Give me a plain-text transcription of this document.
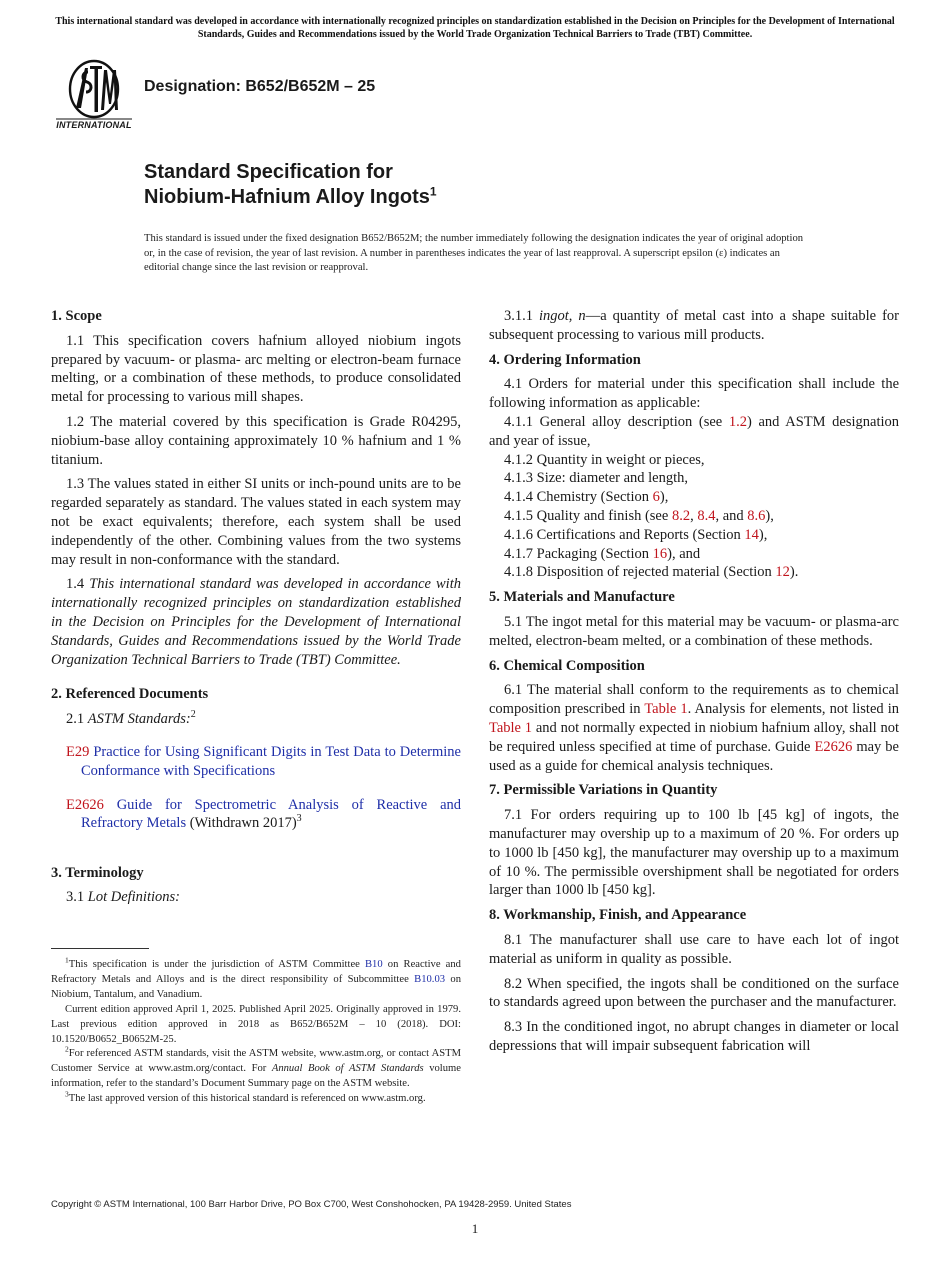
This international standard was developed in accordance with internationally recognized principles on standardization established in the Decision on Principles for the Development of International Standards, Guides and Recommendations issued by the World Trade Organization Technical Barriers to Trade (TBT) Committee.
INTERNATIONAL
Designation: B652/B652M – 25
Standard Specification for
Niobium-Hafnium Alloy Ingots$^1$
This standard is issued under the fixed designation B652/B652M; the number immediately following the designation indicates the year of original adoption or, in the case of revision, the year of last revision. A number in parentheses indicates the year of last reapproval. A superscript epsilon (ε) indicates an editorial change since the last revision or reapproval.

1. Scope

1.1 This specification covers hafnium alloyed niobium ingots prepared by vacuum- or plasma- arc melting or electron-beam furnace melting, or a combination of these methods, to produce consolidated metal for processing to various mill shapes.

1.2 The material covered by this specification is Grade R04295, niobium-base alloy containing approximately 10 % hafnium and 1 % titanium.

1.3 The values stated in either SI units or inch-pound units are to be regarded separately as standard. The values stated in each system may not be exact equivalents; therefore, each system shall be used independently of the other. Combining values from the two systems may result in non-conformance with the standard.

1.4 This international standard was developed in accordance with internationally recognized principles on standardization established in the Decision on Principles for the Development of International Standards, Guides and Recommendations issued by the World Trade Organization Technical Barriers to Trade (TBT) Committee.

2. Referenced Documents

2.1 ASTM Standards:$^2$

E29 Practice for Using Significant Digits in Test Data to Determine Conformance with Specifications

E2626 Guide for Spectrometric Analysis of Reactive and Refractory Metals (Withdrawn 2017)$^3$

3. Terminology

3.1 Lot Definitions:

$^1$This specification is under the jurisdiction of ASTM Committee B10 on Reactive and Refractory Metals and Alloys and is the direct responsibility of Subcommittee B10.03 on Niobium, Tantalum, and Vanadium.

Current edition approved April 1, 2025. Published April 2025. Originally approved in 1979. Last previous edition approved in 2018 as B652/B652M – 10 (2018). DOI: 10.1520/B0652_B0652M-25.

$^2$For referenced ASTM standards, visit the ASTM website, www.astm.org, or contact ASTM Customer Service at www.astm.org/contact. For Annual Book of ASTM Standards volume information, refer to the standard’s Document Summary page on the ASTM website.

$^3$The last approved version of this historical standard is referenced on www.astm.org.

3.1.1 ingot, n—a quantity of metal cast into a shape suitable for subsequent processing to various mill products.

4. Ordering Information

4.1 Orders for material under this specification shall include the following information as applicable:

4.1.1 General alloy description (see 1.2) and ASTM designation and year of issue,

4.1.2 Quantity in weight or pieces,

4.1.3 Size: diameter and length,

4.1.4 Chemistry (Section 6),

4.1.5 Quality and finish (see 8.2, 8.4, and 8.6),

4.1.6 Certifications and Reports (Section 14),

4.1.7 Packaging (Section 16), and

4.1.8 Disposition of rejected material (Section 12).

5. Materials and Manufacture

5.1 The ingot metal for this material may be vacuum- or plasma-arc melted, electron-beam melted, or a combination of these methods.

6. Chemical Composition

6.1 The material shall conform to the requirements as to chemical composition prescribed in Table 1. Analysis for elements, not listed in Table 1 and not normally expected in niobium hafnium alloy, shall not be required unless specified at time of purchase. Guide E2626 may be used as a guide for chemical analysis techniques.

7. Permissible Variations in Quantity

7.1 For orders requiring up to 100 lb [45 kg] of ingots, the manufacturer may overship up to a maximum of 20 %. For orders up to 1000 lb [450 kg], the manufacturer may overship up to a maximum of 10 %. The permissible overshipment shall be negotiated for orders larger than 1000 lb [450 kg].

8. Workmanship, Finish, and Appearance

8.1 The manufacturer shall use care to have each lot of ingot material as uniform in quality as possible.

8.2 When specified, the ingots shall be conditioned on the surface to standards agreed upon between the purchaser and the manufacturer.

8.3 In the conditioned ingot, no abrupt changes in diameter or local depressions that will impair subsequent fabrication will

Copyright © ASTM International, 100 Barr Harbor Drive, PO Box C700, West Conshohocken, PA 19428-2959. United States
1
